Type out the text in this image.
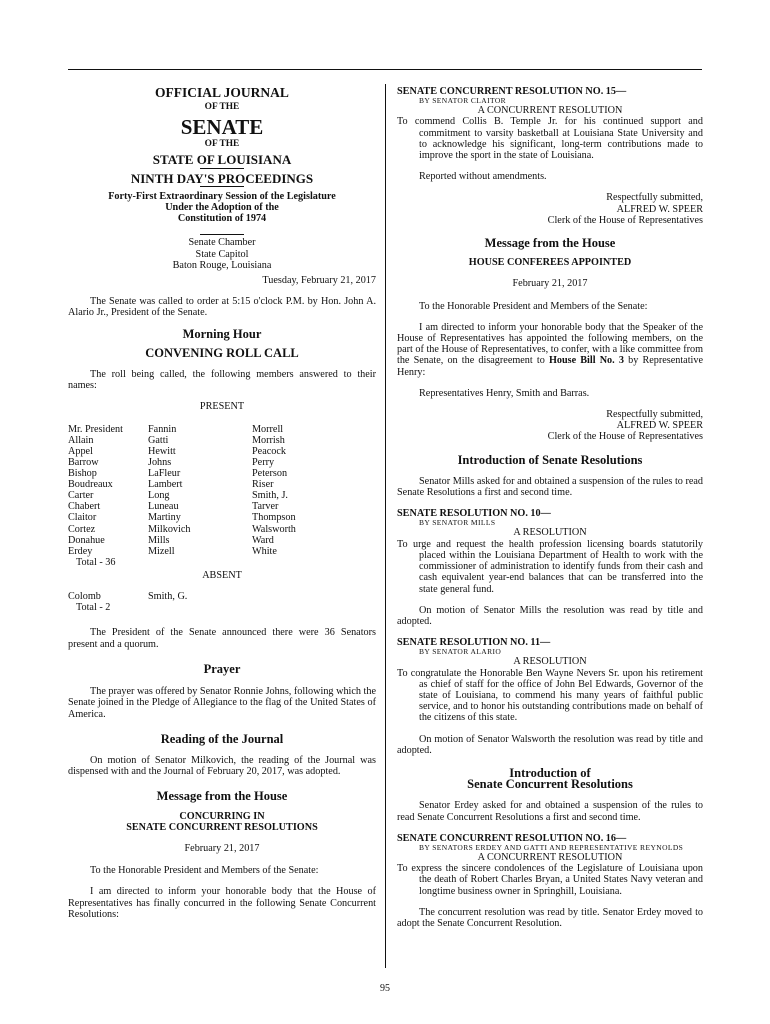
OFFICIAL JOURNAL
OF THE
SENATE
OF THE
STATE OF LOUISIANA
NINTH DAY'S PROCEEDINGS
Forty-First Extraordinary Session of the Legislature
Under the Adoption of the
Constitution of 1974
Senate Chamber
State Capitol
Baton Rouge, Louisiana
Tuesday, February 21, 2017
The Senate was called to order at 5:15 o'clock P.M. by Hon. John A. Alario Jr., President of the Senate.
Morning Hour
CONVENING ROLL CALL
The roll being called, the following members answered to their names:
PRESENT
Mr. President
Allain
Appel
Barrow
Bishop
Boudreaux
Carter
Chabert
Claitor
Cortez
Donahue
Erdey
Fannin
Gatti
Hewitt
Johns
LaFleur
Lambert
Long
Luneau
Martiny
Milkovich
Mills
Mizell
Morrell
Morrish
Peacock
Perry
Peterson
Riser
Smith, J.
Tarver
Thompson
Walsworth
Ward
White
Total - 36
ABSENT
Colomb	Smith, G.
Total - 2
The President of the Senate announced there were 36 Senators present and a quorum.
Prayer
The prayer was offered by Senator Ronnie Johns, following which the Senate joined in the Pledge of Allegiance to the flag of the United States of America.
Reading of the Journal
On motion of Senator Milkovich, the reading of the Journal was dispensed with and the Journal of February 20, 2017, was adopted.
Message from the House
CONCURRING IN
SENATE CONCURRENT RESOLUTIONS
February 21, 2017
To the Honorable President and Members of the Senate:
I am directed to inform your honorable body that the House of Representatives has finally concurred in the following Senate Concurrent Resolutions:
SENATE CONCURRENT RESOLUTION NO. 15—
BY SENATOR CLAITOR
A CONCURRENT RESOLUTION
To commend Collis B. Temple Jr. for his continued support and commitment to varsity basketball at Louisiana State University and to acknowledge his significant, long-term contributions made to improve the sport in the state of Louisiana.
Reported without amendments.
Respectfully submitted,
ALFRED W. SPEER
Clerk of the House of Representatives
Message from the House
HOUSE CONFEREES APPOINTED
February 21, 2017
To the Honorable President and Members of the Senate:
I am directed to inform your honorable body that the Speaker of the House of Representatives has appointed the following members, on the part of the House of Representatives, to confer, with a like committee from the Senate, on the disagreement to House Bill No. 3 by Representative Henry:
Representatives Henry, Smith and Barras.
Respectfully submitted,
ALFRED W. SPEER
Clerk of the House of Representatives
Introduction of Senate Resolutions
Senator Mills asked for and obtained a suspension of the rules to read Senate Resolutions a first and second time.
SENATE RESOLUTION NO. 10—
BY SENATOR MILLS
A RESOLUTION
To urge and request the health profession licensing boards statutorily placed within the Louisiana Department of Health to work with the commissioner of administration to identify funds from their cash and cash equivalent year-end balances that can be transferred into the state general fund.
On motion of Senator Mills the resolution was read by title and adopted.
SENATE RESOLUTION NO. 11—
BY SENATOR ALARIO
A RESOLUTION
To congratulate the Honorable Ben Wayne Nevers Sr. upon his retirement as chief of staff for the office of John Bel Edwards, Governor of the state of Louisiana, to commend his many years of faithful public service, and to honor his outstanding contributions made on behalf of the citizens of this state.
On motion of Senator Walsworth the resolution was read by title and adopted.
Introduction of
Senate Concurrent Resolutions
Senator Erdey asked for and obtained a suspension of the rules to read Senate Concurrent Resolutions a first and second time.
SENATE CONCURRENT RESOLUTION NO. 16—
BY SENATORS ERDEY AND GATTI AND REPRESENTATIVE REYNOLDS
A CONCURRENT RESOLUTION
To express the sincere condolences of the Legislature of Louisiana upon the death of Robert Charles Bryan, a United States Navy veteran and longtime business owner in Springhill, Louisiana.
The concurrent resolution was read by title. Senator Erdey moved to adopt the Senate Concurrent Resolution.
95
